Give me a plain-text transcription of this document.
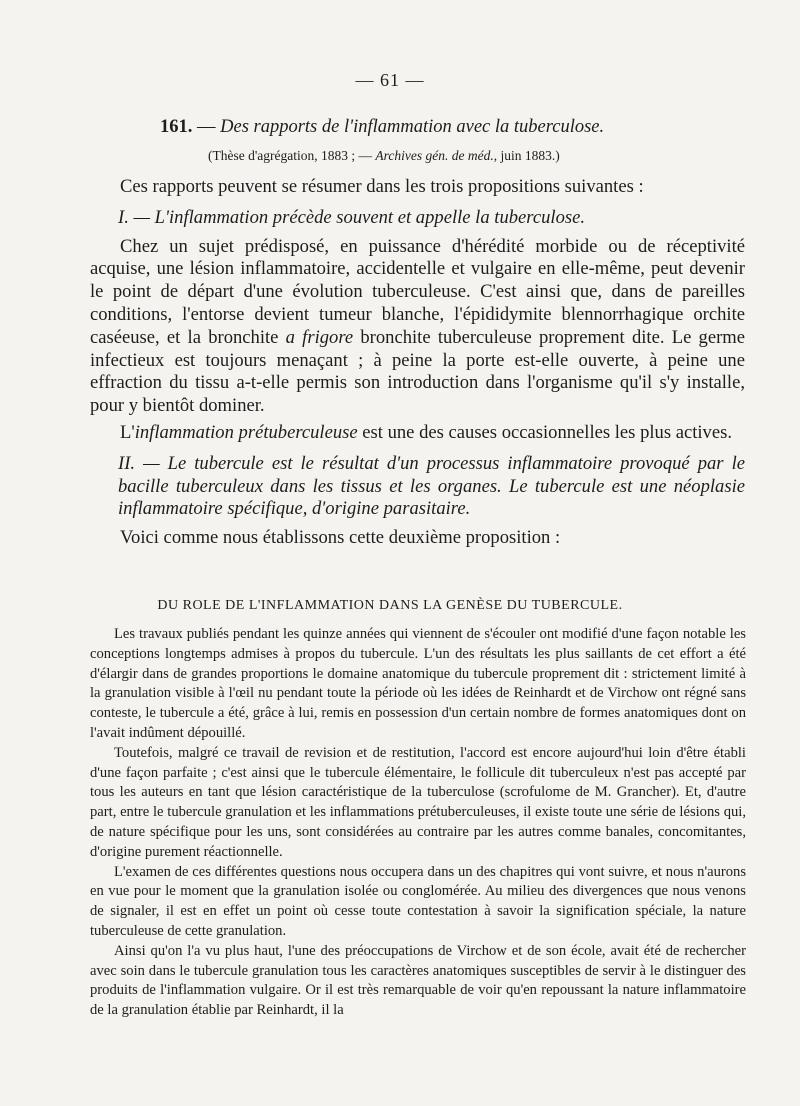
— 61 —
161. — Des rapports de l'inflammation avec la tuberculose.
(Thèse d'agrégation, 1883 ; — Archives gén. de méd., juin 1883.)

Ces rapports peuvent se résumer dans les trois propositions suivantes :

I. — L'inflammation précède souvent et appelle la tuberculose.

Chez un sujet prédisposé, en puissance d'hérédité morbide ou de réceptivité acquise, une lésion inflammatoire, accidentelle et vulgaire en elle-même, peut devenir le point de départ d'une évolution tuberculeuse. C'est ainsi que, dans de pareilles conditions, l'entorse devient tumeur blanche, l'épididymite blennorrhagique orchite caséeuse, et la bronchite a frigore bronchite tuberculeuse proprement dite. Le germe infectieux est toujours menaçant ; à peine la porte est-elle ouverte, à peine une effraction du tissu a-t-elle permis son introduction dans l'organisme qu'il s'y installe, pour y bientôt dominer.

L'inflammation prétuberculeuse est une des causes occasionnelles les plus actives.

II. — Le tubercule est le résultat d'un processus inflammatoire provoqué par le bacille tuberculeux dans les tissus et les organes. Le tubercule est une néoplasie inflammatoire spécifique, d'origine parasitaire.

Voici comme nous établissons cette deuxième proposition :

DU ROLE DE L'INFLAMMATION DANS LA GENÈSE DU TUBERCULE.

Les travaux publiés pendant les quinze années qui viennent de s'écouler ont modifié d'une façon notable les conceptions longtemps admises à propos du tubercule. L'un des résultats les plus saillants de cet effort a été d'élargir dans de grandes proportions le domaine anatomique du tubercule proprement dit : strictement limité à la granulation visible à l'œil nu pendant toute la période où les idées de Reinhardt et de Virchow ont régné sans conteste, le tubercule a été, grâce à lui, remis en possession d'un certain nombre de formes anatomiques dont on l'avait indûment dépouillé.

Toutefois, malgré ce travail de revision et de restitution, l'accord est encore aujourd'hui loin d'être établi d'une façon parfaite ; c'est ainsi que le tubercule élémentaire, le follicule dit tuberculeux n'est pas accepté par tous les auteurs en tant que lésion caractéristique de la tuberculose (scrofulome de M. Grancher). Et, d'autre part, entre le tubercule granulation et les inflammations prétuberculeuses, il existe toute une série de lésions qui, de nature spécifique pour les uns, sont considérées au contraire par les autres comme banales, concomitantes, d'origine purement réactionnelle.

L'examen de ces différentes questions nous occupera dans un des chapitres qui vont suivre, et nous n'aurons en vue pour le moment que la granulation isolée ou conglomérée. Au milieu des divergences que nous venons de signaler, il est en effet un point où cesse toute contestation à savoir la signification spéciale, la nature tuberculeuse de cette granulation.

Ainsi qu'on l'a vu plus haut, l'une des préoccupations de Virchow et de son école, avait été de rechercher avec soin dans le tubercule granulation tous les caractères anatomiques susceptibles de servir à le distinguer des produits de l'inflammation vulgaire. Or il est très remarquable de voir qu'en repoussant la nature inflammatoire de la granulation établie par Reinhardt, il la
